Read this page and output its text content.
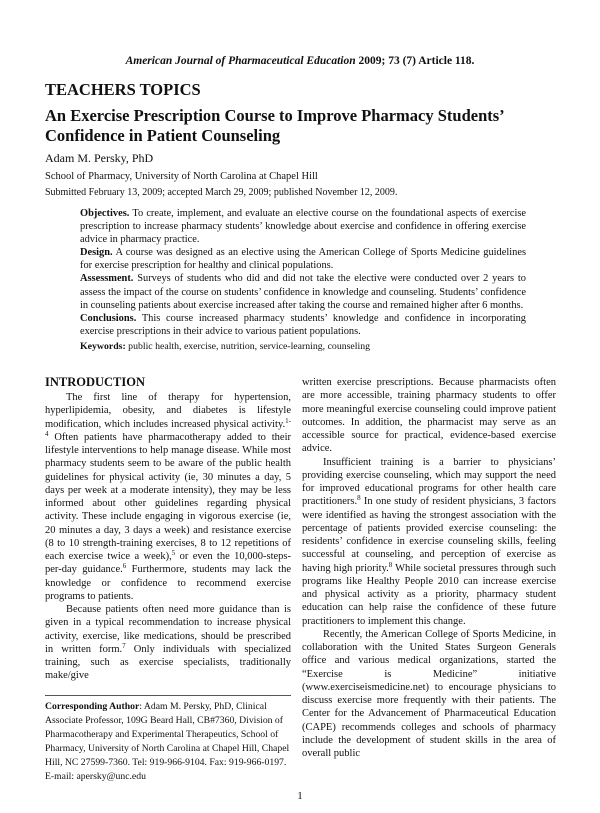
American Journal of Pharmaceutical Education 2009; 73 (7) Article 118.
TEACHERS TOPICS
An Exercise Prescription Course to Improve Pharmacy Students’ Confidence in Patient Counseling
Adam M. Persky, PhD
School of Pharmacy, University of North Carolina at Chapel Hill
Submitted February 13, 2009; accepted March 29, 2009; published November 12, 2009.

Objectives. To create, implement, and evaluate an elective course on the foundational aspects of exercise prescription to increase pharmacy students’ knowledge about exercise and confidence in offering exercise advice in pharmacy practice.

Design. A course was designed as an elective using the American College of Sports Medicine guidelines for exercise prescription for healthy and clinical populations.

Assessment. Surveys of students who did and did not take the elective were conducted over 2 years to assess the impact of the course on students’ confidence in knowledge and counseling. Students’ confidence in counseling patients about exercise increased after taking the course and remained higher after 6 months.

Conclusions. This course increased pharmacy students’ knowledge and confidence in incorporating exercise prescriptions in their advice to various patient populations.

Keywords: public health, exercise, nutrition, service-learning, counseling

INTRODUCTION

The first line of therapy for hypertension, hyperlipidemia, obesity, and diabetes is lifestyle modification, which includes increased physical activity.$^{1-4}$ Often patients have pharmacotherapy added to their lifestyle interventions to help manage disease. While most pharmacy students seem to be aware of the public health guidelines for physical activity (ie, 30 minutes a day, 5 days per week at a moderate intensity), they may be less informed about other guidelines regarding physical activity. These include engaging in vigorous exercise (ie, 20 minutes a day, 3 days a week) and resistance exercise (8 to 10 strength-training exercises, 8 to 12 repetitions of each exercise twice a week),$^5$ or even the 10,000-steps-per-day guidance.$^6$ Furthermore, students may lack the knowledge or confidence to recommend exercise programs to patients.

Because patients often need more guidance than is given in a typical recommendation to increase physical activity, exercise, like medications, should be prescribed in written form.$^7$ Only individuals with specialized training, such as exercise specialists, traditionally make/give

Corresponding Author: Adam M. Persky, PhD, Clinical Associate Professor, 109G Beard Hall, CB#7360, Division of Pharmacotherapy and Experimental Therapeutics, School of Pharmacy, University of North Carolina at Chapel Hill, Chapel Hill, NC 27599-7360. Tel: 919-966-9104. Fax: 919-966-0197. E-mail: apersky@unc.edu

written exercise prescriptions. Because pharmacists often are more accessible, training pharmacy students to offer more meaningful exercise counseling could improve patient outcomes. In addition, the pharmacist may serve as an accessible source for practical, evidence-based exercise advice.

Insufficient training is a barrier to physicians’ providing exercise counseling, which may support the need for improved educational programs for other health care practitioners.$^8$ In one study of resident physicians, 3 factors were identified as having the strongest association with the percentage of patients provided exercise counseling: the residents’ confidence in exercise counseling skills, feeling successful at counseling, and perception of exercise as having high priority.$^8$ While societal pressures through such programs like Healthy People 2010 can increase exercise and physical activity as a priority, pharmacy student education can help raise the confidence of these future practitioners to implement this change.

Recently, the American College of Sports Medicine, in collaboration with the United States Surgeon Generals office and various medical organizations, started the “Exercise is Medicine” initiative (www.exerciseismedicine.net) to encourage physicians to discuss exercise more frequently with their patients. The Center for the Advancement of Pharmaceutical Education (CAPE) recommends colleges and schools of pharmacy include the development of student skills in the area of overall public

1
